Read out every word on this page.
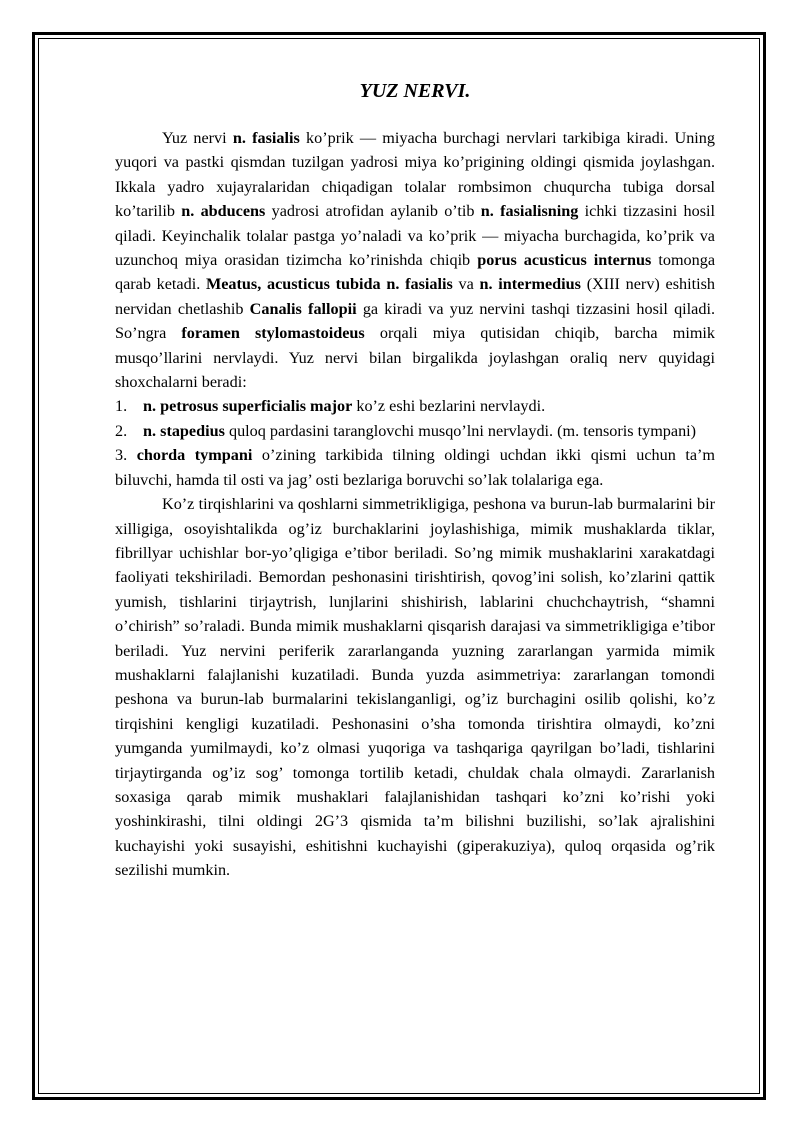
YUZ NERVI.

Yuz nervi n. fasialis ko’prik — miyacha burchagi nervlari tarkibiga kiradi. Uning yuqori va pastki qismdan tuzilgan yadrosi miya ko’prigining oldingi qismida joylashgan. Ikkala yadro xujayralaridan chiqadigan tolalar rombsimon chuqurcha tubiga dorsal ko’tarilib n. abducens yadrosi atrofidan aylanib o’tib n. fasialisning ichki tizzasini hosil qiladi. Keyinchalik tolalar pastga yo’naladi va ko’prik — miyacha burchagida, ko’prik va uzunchoq miya orasidan tizimcha ko’rinishda chiqib porus acusticus internus tomonga qarab ketadi. Meatus, acusticus tubida n. fasialis va n. intermedius (XIII nerv) eshitish nervidan chetlashib Canalis fallopii ga kiradi va yuz nervini tashqi tizzasini hosil qiladi. So’ngra foramen stylomastoideus orqali miya qutisidan chiqib, barcha mimik musqo’llarini nervlaydi. Yuz nervi bilan birgalikda joylashgan oraliq nerv quyidagi shoxchalarni beradi:

1. n. petrosus superficialis major ko’z eshi bezlarini nervlaydi.

2. n. stapedius quloq pardasini taranglovchi musqo’lni nervlaydi. (m. tensoris tympani)

3. chorda tympani o’zining tarkibida tilning oldingi uchdan ikki qismi uchun ta’m biluvchi, hamda til osti va jag’ osti bezlariga boruvchi so’lak tolalariga ega.

Ko’z tirqishlarini va qoshlarni simmetrikligiga, peshona va burun-lab burmalarini bir xilligiga, osoyishtalikda og’iz burchaklarini joylashishiga, mimik mushaklarda tiklar, fibrillyar uchishlar bor-yo’qligiga e’tibor beriladi. So’ng mimik mushaklarini xarakatdagi faoliyati tekshiriladi. Bemordan peshonasini tirishtirish, qovog’ini solish, ko’zlarini qattik yumish, tishlarini tirjaytrish, lunjlarini shishirish, lablarini chuchchaytrish, “shamni o’chirish” so’raladi. Bunda mimik mushaklarni qisqarish darajasi va simmetrikligiga e’tibor beriladi. Yuz nervini periferik zararlanganda yuzning zararlangan yarmida mimik mushaklarni falajlanishi kuzatiladi. Bunda yuzda asimmetriya: zararlangan tomondi peshona va burun-lab burmalarini tekislanganligi, og’iz burchagini osilib qolishi, ko’z tirqishini kengligi kuzatiladi. Peshonasini o’sha tomonda tirishtira olmaydi, ko’zni yumganda yumilmaydi, ko’z olmasi yuqoriga va tashqariga qayrilgan bo’ladi, tishlarini tirjaytirganda og’iz sog’ tomonga tortilib ketadi, chuldak chala olmaydi. Zararlanish soxasiga qarab mimik mushaklari falajlanishidan tashqari ko’zni ko’rishi yoki yoshinkirashi, tilni oldingi 2G’3 qismida ta’m bilishni buzilishi, so’lak ajralishini kuchayishi yoki susayishi, eshitishni kuchayishi (giperakuziya), quloq orqasida og’rik sezilishi mumkin.
